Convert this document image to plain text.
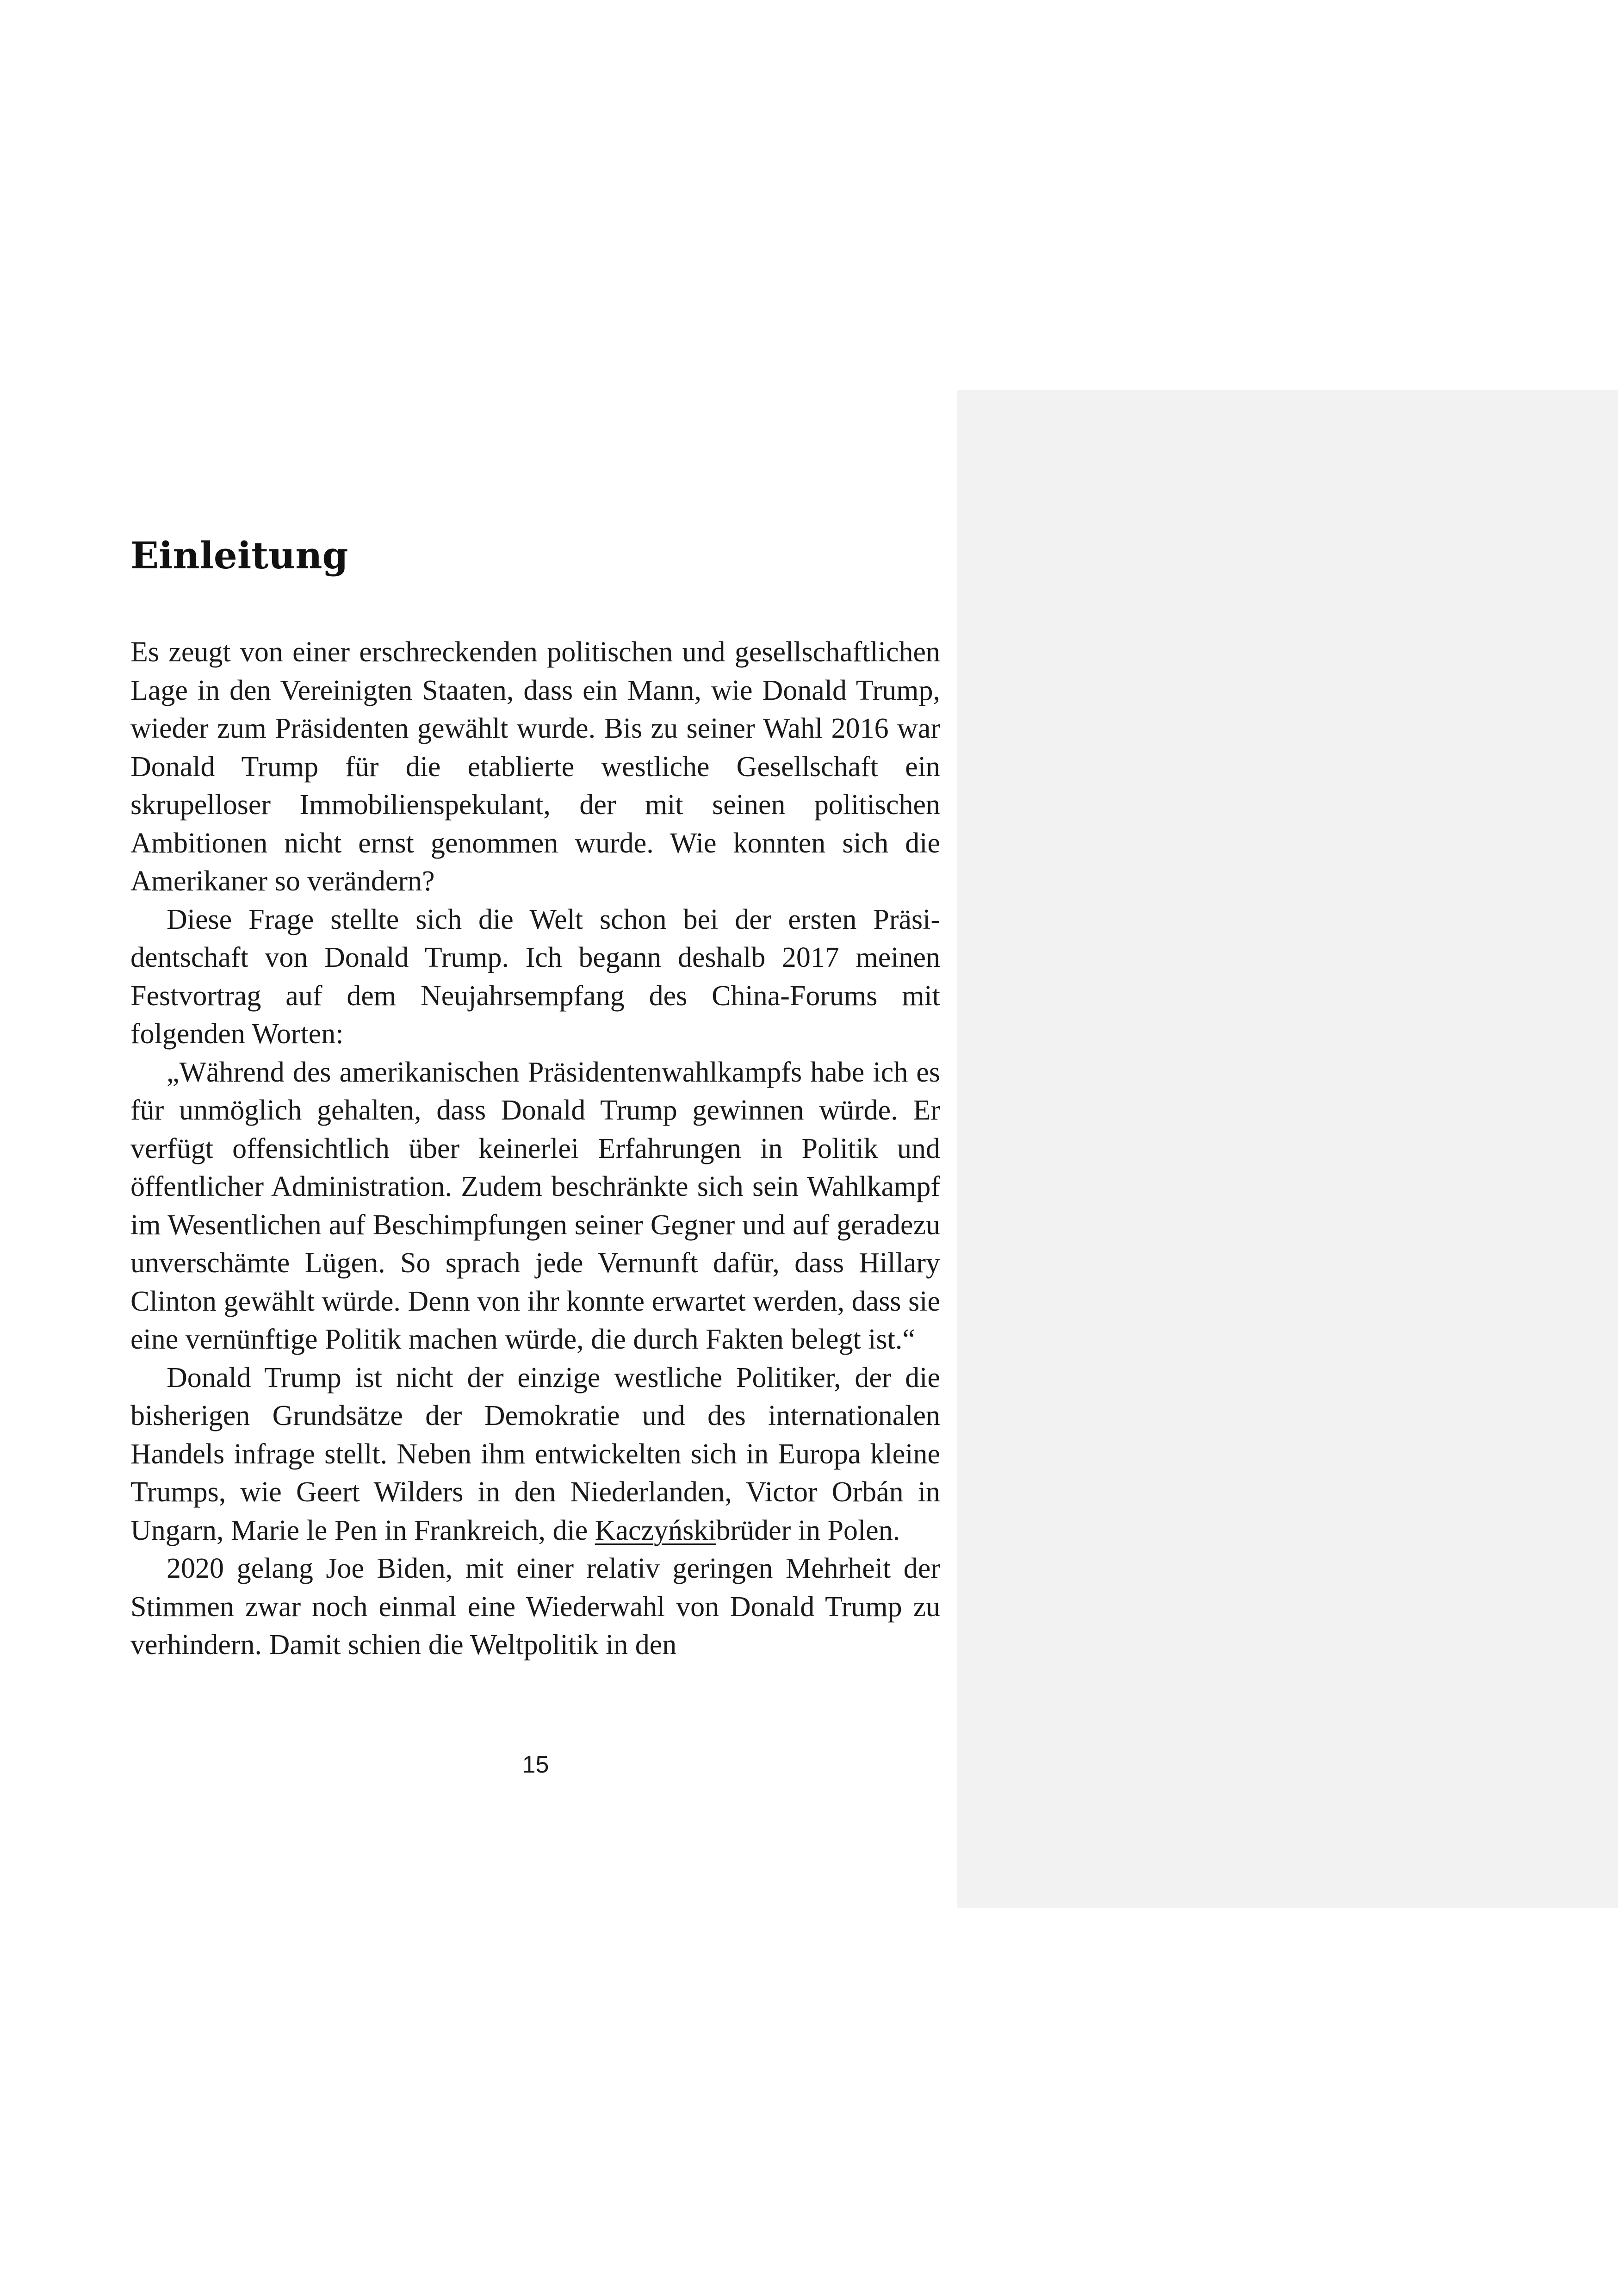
Einleitung

Es zeugt von einer erschreckenden politischen und gesellschaftlichen Lage in den Vereinigten Staaten, dass ein Mann, wie Donald Trump, wieder zum Präsidenten gewählt wurde. Bis zu seiner Wahl 2016 war Donald Trump für die etablierte westliche Gesellschaft ein skrupelloser Immobilienspekulant, der mit seinen politischen Ambitionen nicht ernst genommen wurde. Wie konnten sich die Amerikaner so verändern?

Diese Frage stellte sich die Welt schon bei der ersten Präsidentschaft von Donald Trump. Ich begann deshalb 2017 meinen Festvortrag auf dem Neujahrsempfang des China-Forums mit folgenden Worten:

„Während des amerikanischen Präsidentenwahlkampfs habe ich es für unmöglich gehalten, dass Donald Trump gewinnen würde. Er verfügt offensichtlich über keinerlei Erfahrungen in Politik und öffentlicher Administration. Zudem beschränkte sich sein Wahlkampf im Wesentlichen auf Beschimpfungen seiner Gegner und auf geradezu unverschämte Lügen. So sprach jede Vernunft dafür, dass Hillary Clinton gewählt würde. Denn von ihr konnte erwartet werden, dass sie eine vernünftige Politik machen würde, die durch Fakten belegt ist.“

Donald Trump ist nicht der einzige westliche Politiker, der die bisherigen Grundsätze der Demokratie und des internationalen Handels infrage stellt. Neben ihm entwickelten sich in Europa kleine Trumps, wie Geert Wilders in den Niederlanden, Victor Orbán in Ungarn, Marie le Pen in Frankreich, die Kaczyńskibrüder in Polen.

2020 gelang Joe Biden, mit einer relativ geringen Mehrheit der Stimmen zwar noch einmal eine Wiederwahl von Donald Trump zu verhindern. Damit schien die Weltpolitik in den

15
